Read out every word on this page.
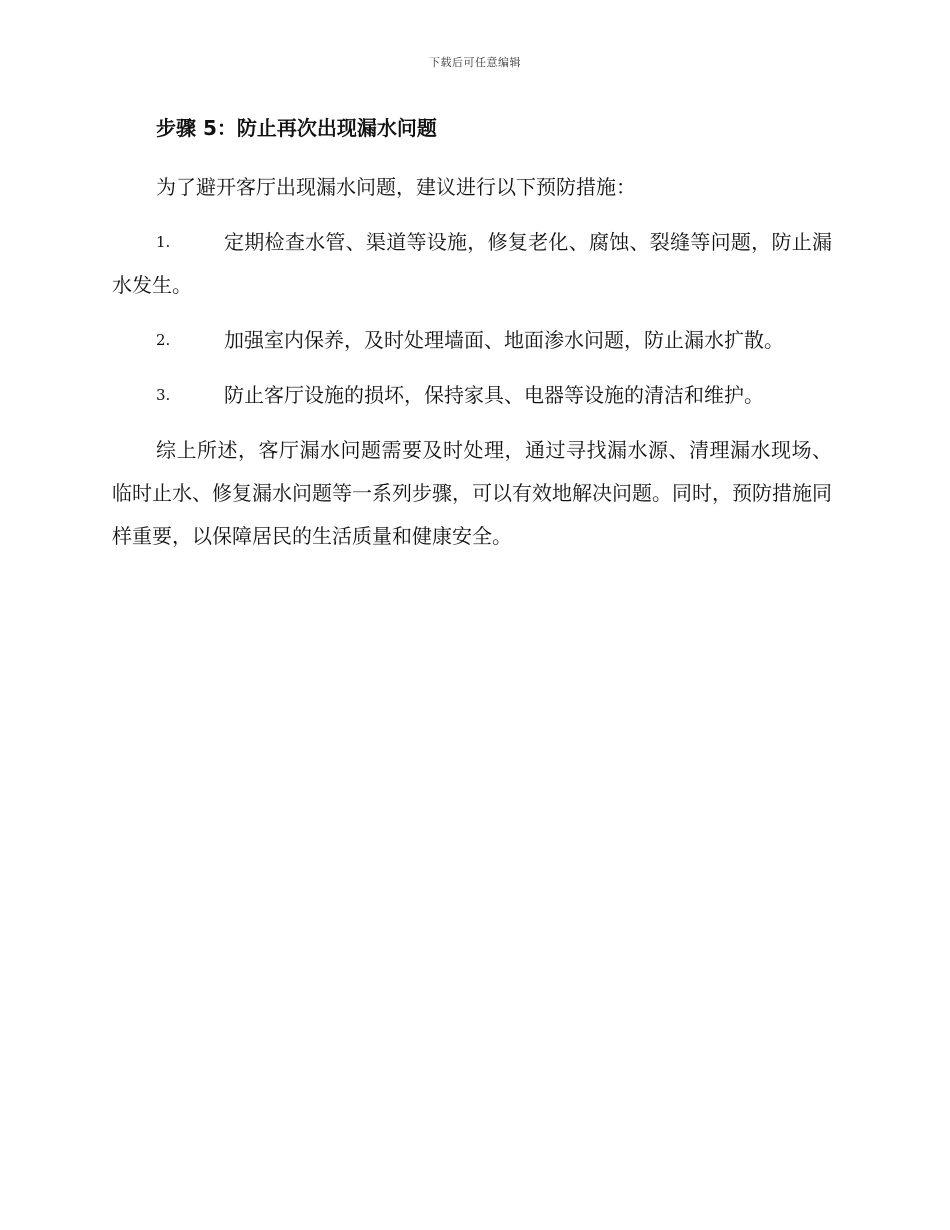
下载后可任意编辑
步骤 5：防止再次出现漏水问题

为了避开客厅出现漏水问题，建议进行以下预防措施：

1.	定期检查水管、渠道等设施，修复老化、腐蚀、裂缝等问题，防止漏水发生。
2.	加强室内保养，及时处理墙面、地面渗水问题，防止漏水扩散。
3.	防止客厅设施的损坏，保持家具、电器等设施的清洁和维护。

综上所述，客厅漏水问题需要及时处理，通过寻找漏水源、清理漏水现场、临时止水、修复漏水问题等一系列步骤，可以有效地解决问题。同时，预防措施同样重要，以保障居民的生活质量和健康安全。
